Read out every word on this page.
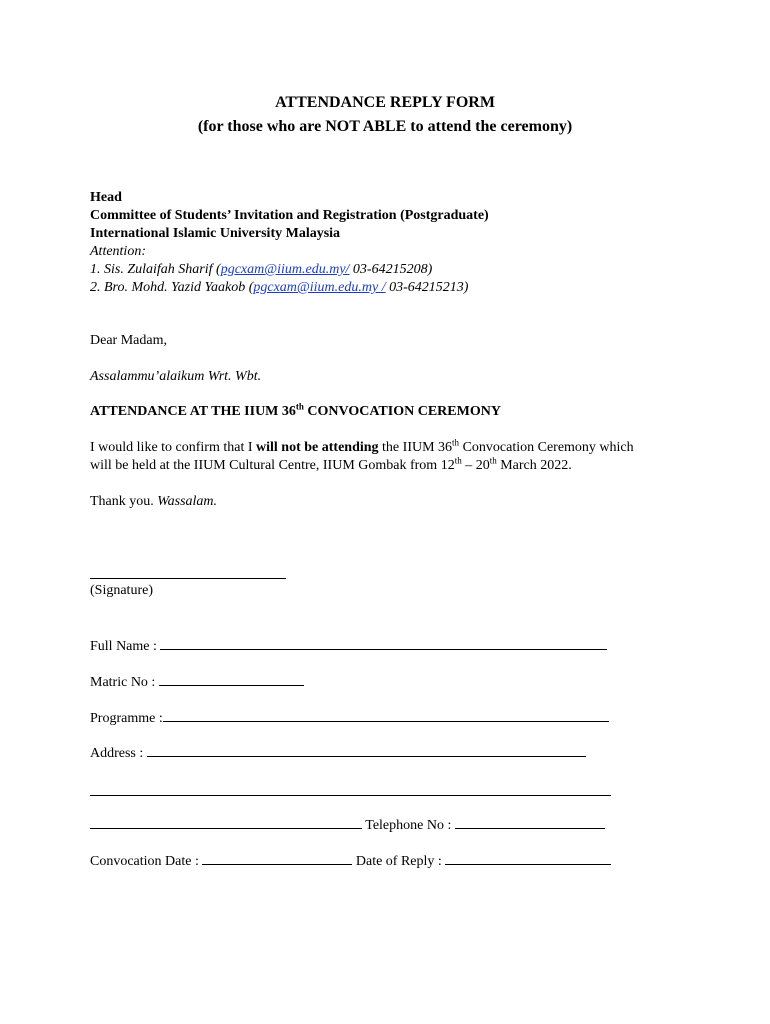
ATTENDANCE REPLY FORM
(for those who are NOT ABLE to attend the ceremony)
Head
Committee of Students’ Invitation and Registration (Postgraduate)
International Islamic University Malaysia
Attention:
1. Sis. Zulaifah Sharif (pgcxam@iium.edu.my/ 03-64215208)
2. Bro. Mohd. Yazid Yaakob (pgcxam@iium.edu.my / 03-64215213)
Dear Madam,
Assalammu’alaikum Wrt. Wbt.
ATTENDANCE AT THE IIUM 36th CONVOCATION CEREMONY
I would like to confirm that I will not be attending the IIUM 36th Convocation Ceremony which
will be held at the IIUM Cultural Centre, IIUM Gombak from 12th – 20th March 2022.
Thank you. Wassalam.
(Signature)
Full Name :
Matric No :
Programme :
Address :
Telephone No :
Convocation Date :	Date of Reply :
